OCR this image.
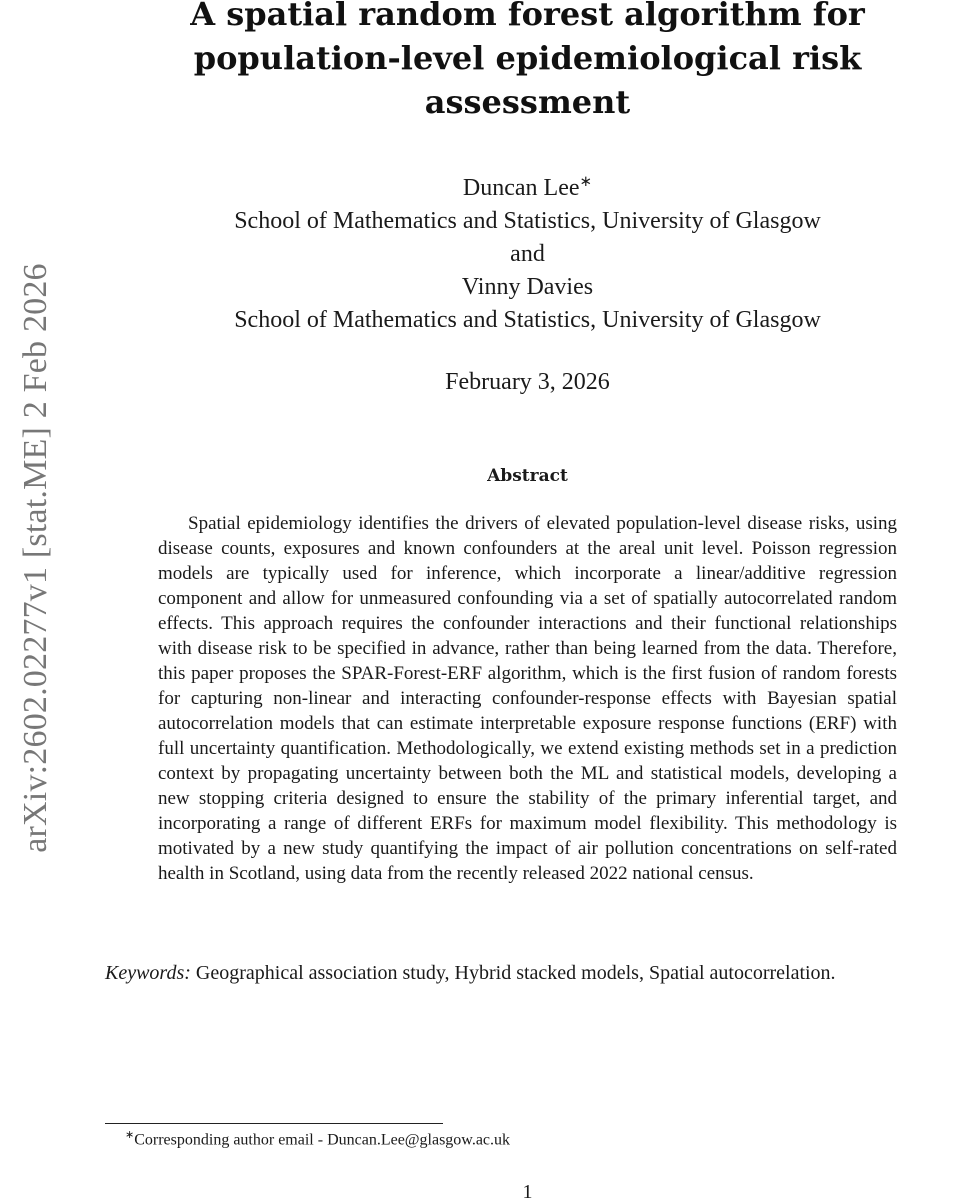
arXiv:2602.02277v1 [stat.ME] 2 Feb 2026
A spatial random forest algorithm for
population-level epidemiological risk
assessment
Duncan Lee∗
School of Mathematics and Statistics, University of Glasgow
and
Vinny Davies
School of Mathematics and Statistics, University of Glasgow
February 3, 2026
Abstract

Spatial epidemiology identifies the drivers of elevated population-level disease risks, using disease counts, exposures and known confounders at the areal unit level. Poisson regression models are typically used for inference, which incorporate a linear/additive regression component and allow for unmeasured confounding via a set of spatially autocorrelated random effects. This approach requires the confounder interactions and their functional relationships with disease risk to be specified in advance, rather than being learned from the data. Therefore, this paper proposes the SPAR-Forest-ERF algorithm, which is the first fusion of random forests for capturing non-linear and interacting confounder-response effects with Bayesian spatial autocorrelation models that can estimate interpretable exposure response functions (ERF) with full uncertainty quantification. Methodologically, we extend existing methods set in a prediction context by propagating uncertainty between both the ML and statistical models, developing a new stopping criteria designed to ensure the stability of the primary inferential target, and incorporating a range of different ERFs for maximum model flexibility. This methodology is motivated by a new study quantifying the impact of air pollution concentrations on self-rated health in Scotland, using data from the recently released 2022 national census.

Keywords: Geographical association study, Hybrid stacked models, Spatial autocorrelation.
∗Corresponding author email - Duncan.Lee@glasgow.ac.uk
1
